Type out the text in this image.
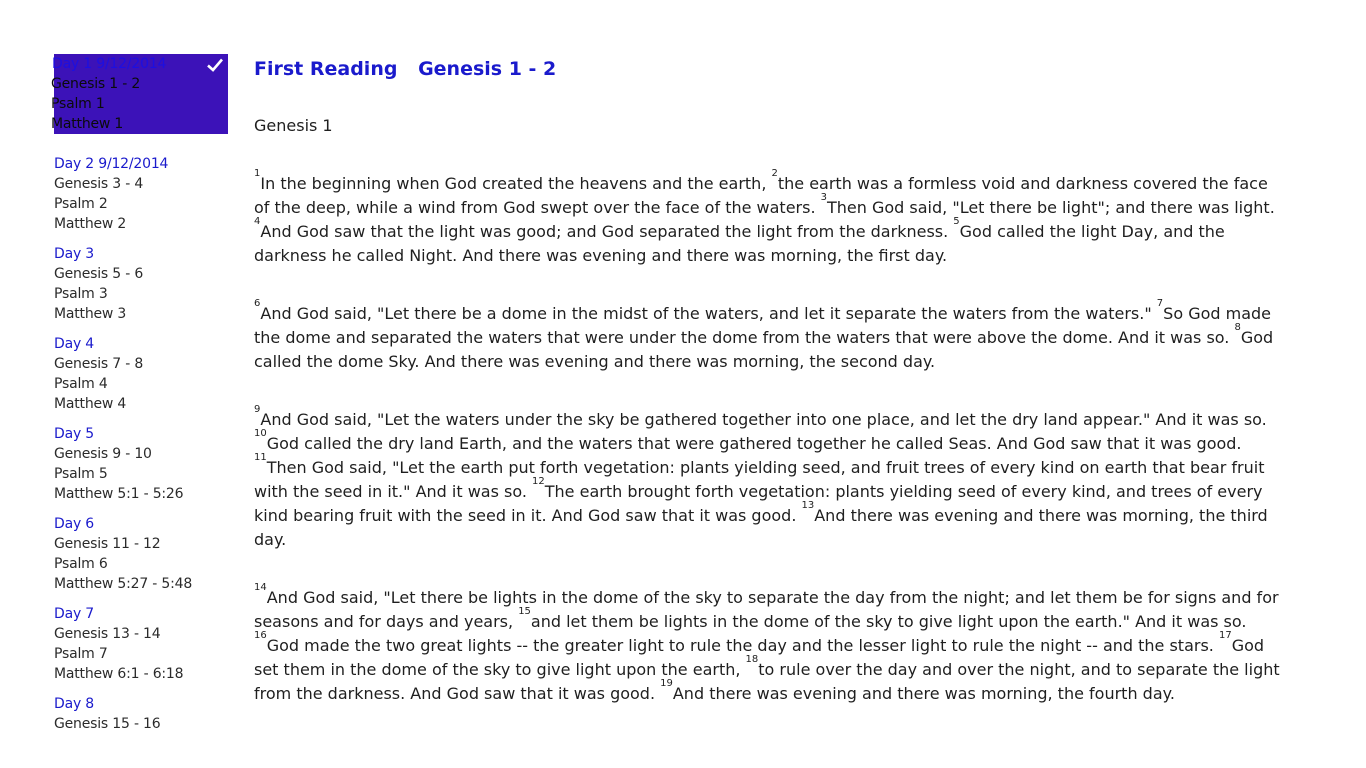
Day 1 9/12/2014
Genesis 1 - 2
Psalm 1
Matthew 1
Day 2 9/12/2014
Genesis 3 - 4
Psalm 2
Matthew 2
Day 3
Genesis 5 - 6
Psalm 3
Matthew 3
Day 4
Genesis 7 - 8
Psalm 4
Matthew 4
Day 5
Genesis 9 - 10
Psalm 5
Matthew 5:1 - 5:26
Day 6
Genesis 11 - 12
Psalm 6
Matthew 5:27 - 5:48
Day 7
Genesis 13 - 14
Psalm 7
Matthew 6:1 - 6:18
Day 8
Genesis 15 - 16
First Reading Genesis 1 - 2
Genesis 1

$^1$In the beginning when God created the heavens and the earth, $^2$the earth was a formless void and darkness covered the face of the deep, while a wind from God swept over the face of the waters. $^3$Then God said, "Let there be light"; and there was light. $^4$And God saw that the light was good; and God separated the light from the darkness. $^5$God called the light Day, and the darkness he called Night. And there was evening and there was morning, the first day.

$^6$And God said, "Let there be a dome in the midst of the waters, and let it separate the waters from the waters." $^7$So God made the dome and separated the waters that were under the dome from the waters that were above the dome. And it was so. $^8$God called the dome Sky. And there was evening and there was morning, the second day.

$^9$And God said, "Let the waters under the sky be gathered together into one place, and let the dry land appear." And it was so. $^{10}$God called the dry land Earth, and the waters that were gathered together he called Seas. And God saw that it was good. $^{11}$Then God said, "Let the earth put forth vegetation: plants yielding seed, and fruit trees of every kind on earth that bear fruit with the seed in it." And it was so. $^{12}$The earth brought forth vegetation: plants yielding seed of every kind, and trees of every kind bearing fruit with the seed in it. And God saw that it was good. $^{13}$And there was evening and there was morning, the third day.

$^{14}$And God said, "Let there be lights in the dome of the sky to separate the day from the night; and let them be for signs and for seasons and for days and years, $^{15}$and let them be lights in the dome of the sky to give light upon the earth." And it was so. $^{16}$God made the two great lights -- the greater light to rule the day and the lesser light to rule the night -- and the stars. $^{17}$God set them in the dome of the sky to give light upon the earth, $^{18}$to rule over the day and over the night, and to separate the light from the darkness. And God saw that it was good. $^{19}$And there was evening and there was morning, the fourth day.
